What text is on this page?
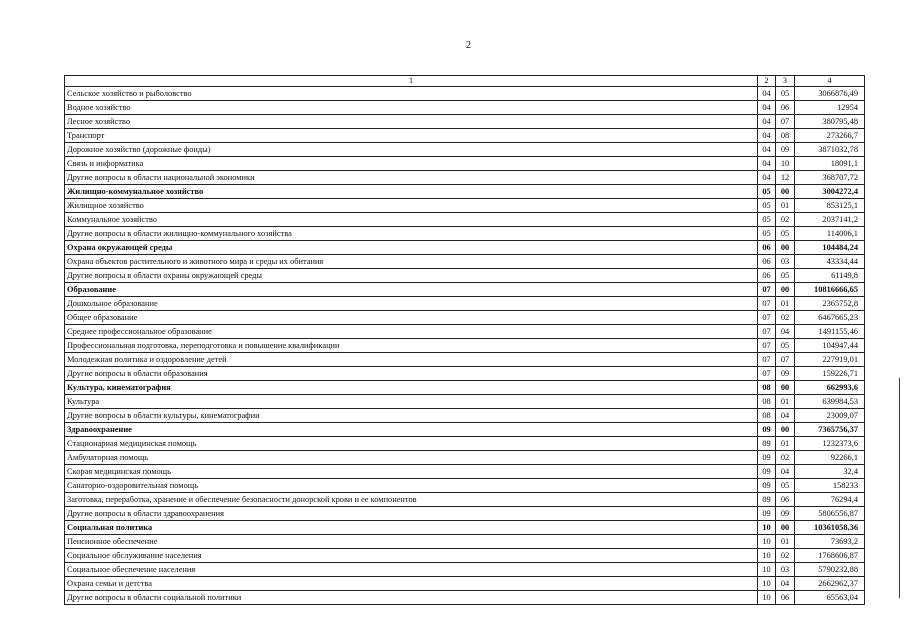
2
1	2	3	4
Сельское хозяйство и рыболовство	04	05	3066876,49
Водное хозяйство	04	06	12954
Лесное хозяйство	04	07	380795,48
Транспорт	04	08	273266,7
Дорожное хозяйство (дорожные фонды)	04	09	3871032,78
Связь и информатика	04	10	18091,1
Другие вопросы в области национальной экономики	04	12	368707,72
Жилищно-коммунальное хозяйство	05	00	3004272,4
Жилищное хозяйство	05	01	853125,1
Коммунальное хозяйство	05	02	2037141,2
Другие вопросы в области жилищно-коммунального хозяйства	05	05	114006,1
Охрана окружающей среды	06	00	104484,24
Охрана объектов растительного и животного мира и среды их обитания	06	03	43334,44
Другие вопросы в области охраны окружающей среды	06	05	61149,8
Образование	07	00	10816666,65
Дошкольное образование	07	01	2365752,8
Общее образование	07	02	6467665,23
Среднее профессиональное образование	07	04	1491155,46
Профессиональная подготовка, переподготовка и повышение квалификации	07	05	104947,44
Молодежная политика и оздоровление детей	07	07	227919,01
Другие вопросы в области образования	07	09	159226,71
Культура, кинематография	08	00	662993,6
Культура	08	01	639984,53
Другие вопросы в области культуры, кинематографии	08	04	23009,07
Здравоохранение	09	00	7365756,37
Стационарная медицинская помощь	09	01	1232373,6
Амбулаторная помощь	09	02	92266,1
Скорая медицинская помощь	09	04	32,4
Санаторно-оздоровительная помощь	09	05	158233
Заготовка, переработка, хранение и обеспечение безопасности донорской крови и ее компонентов	09	06	76294,4
Другие вопросы в области здравоохранения	09	09	5806556,87
Социальная политика	10	00	10361058,36
Пенсионное обеспечение	10	01	73693,2
Социальное обслуживание населения	10	02	1768606,87
Социальное обеспечение населения	10	03	5790232,88
Охрана семьи и детства	10	04	2662962,37
Другие вопросы в области социальной политики	10	06	65563,04
